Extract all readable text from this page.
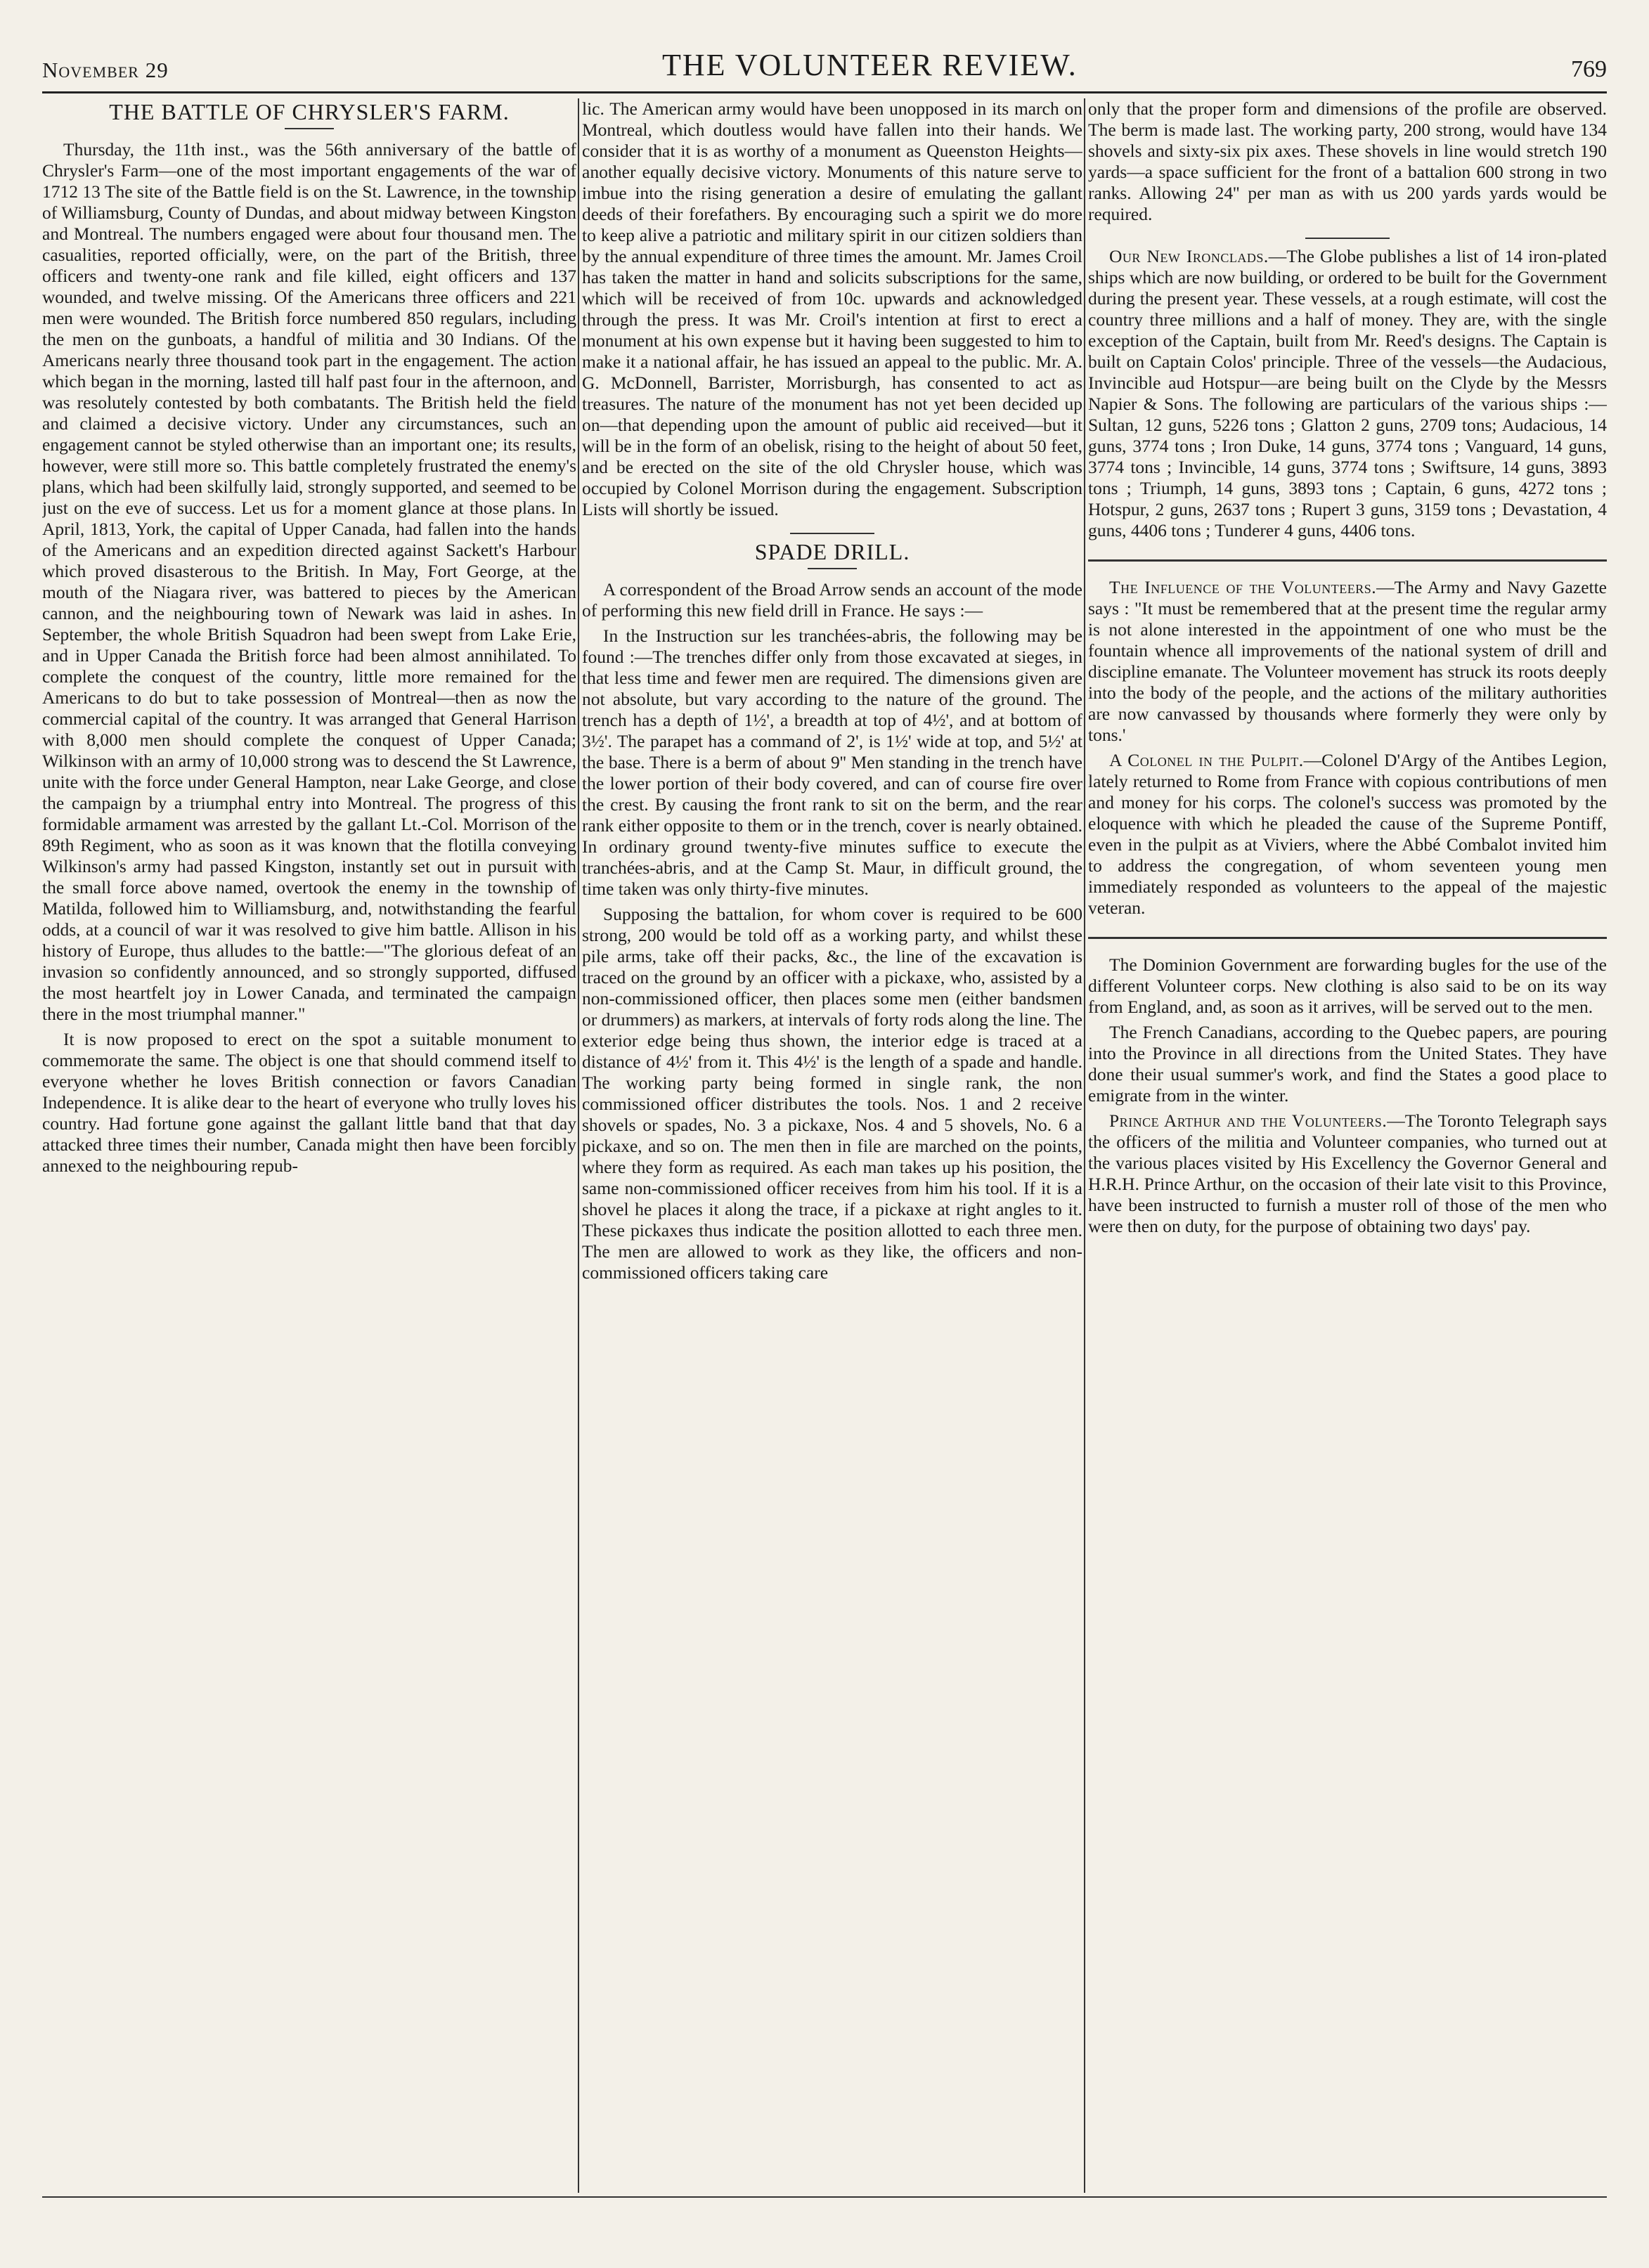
November 29	THE VOLUNTEER REVIEW.	769
THE BATTLE OF CHRYSLER'S FARM.

Thursday, the 11th inst., was the 56th anniversary of the battle of Chrysler's Farm—one of the most important engagements of the war of 1712 13 The site of the Battle field is on the St. Lawrence, in the township of Williamsburg, County of Dundas, and about midway between Kingston and Montreal. The numbers engaged were about four thousand men. The casualities, reported officially, were, on the part of the British, three officers and twenty-one rank and file killed, eight officers and 137 wounded, and twelve missing. Of the Americans three officers and 221 men were wounded. The British force numbered 850 regulars, including the men on the gunboats, a handful of militia and 30 Indians. Of the Americans nearly three thousand took part in the engagement. The action which began in the morning, lasted till half past four in the afternoon, and was resolutely contested by both combatants. The British held the field and claimed a decisive victory. Under any circumstances, such an engagement cannot be styled otherwise than an important one; its results, however, were still more so. This battle completely frustrated the enemy's plans, which had been skilfully laid, strongly supported, and seemed to be just on the eve of success. Let us for a moment glance at those plans. In April, 1813, York, the capital of Upper Canada, had fallen into the hands of the Americans and an expedition directed against Sackett's Harbour which proved disasterous to the British. In May, Fort George, at the mouth of the Niagara river, was battered to pieces by the American cannon, and the neighbouring town of Newark was laid in ashes. In September, the whole British Squadron had been swept from Lake Erie, and in Upper Canada the British force had been almost annihilated. To complete the conquest of the country, little more remained for the Americans to do but to take possession of Montreal—then as now the commercial capital of the country. It was arranged that General Harrison with 8,000 men should complete the conquest of Upper Canada; Wilkinson with an army of 10,000 strong was to descend the St Lawrence, unite with the force under General Hampton, near Lake George, and close the campaign by a triumphal entry into Montreal. The progress of this formidable armament was arrested by the gallant Lt.-Col. Morrison of the 89th Regiment, who as soon as it was known that the flotilla conveying Wilkinson's army had passed Kingston, instantly set out in pursuit with the small force above named, overtook the enemy in the township of Matilda, followed him to Williamsburg, and, notwithstanding the fearful odds, at a council of war it was resolved to give him battle. Allison in his history of Europe, thus alludes to the battle:—"The glorious defeat of an invasion so confidently announced, and so strongly supported, diffused the most heartfelt joy in Lower Canada, and terminated the campaign there in the most triumphal manner."

It is now proposed to erect on the spot a suitable monument to commemorate the same. The object is one that should commend itself to everyone whether he loves British connection or favors Canadian Independence. It is alike dear to the heart of everyone who trully loves his country. Had fortune gone against the gallant little band that that day attacked three times their number, Canada might then have been forcibly annexed to the neighbouring repub-

lic. The American army would have been unopposed in its march on Montreal, which doutless would have fallen into their hands. We consider that it is as worthy of a monument as Queenston Heights—another equally decisive victory. Monuments of this nature serve to imbue into the rising generation a desire of emulating the gallant deeds of their forefathers. By encouraging such a spirit we do more to keep alive a patriotic and military spirit in our citizen soldiers than by the annual expenditure of three times the amount. Mr. James Croil has taken the matter in hand and solicits subscriptions for the same, which will be received of from 10c. upwards and acknowledged through the press. It was Mr. Croil's intention at first to erect a monument at his own expense but it having been suggested to him to make it a national affair, he has issued an appeal to the public. Mr. A. G. McDonnell, Barrister, Morrisburgh, has consented to act as treasures. The nature of the monument has not yet been decided up on—that depending upon the amount of public aid received—but it will be in the form of an obelisk, rising to the height of about 50 feet, and be erected on the site of the old Chrysler house, which was occupied by Colonel Morrison during the engagement. Subscription Lists will shortly be issued.

SPADE DRILL.

A correspondent of the Broad Arrow sends an account of the mode of performing this new field drill in France. He says :—

In the Instruction sur les tranchées-abris, the following may be found :—The trenches differ only from those excavated at sieges, in that less time and fewer men are required. The dimensions given are not absolute, but vary according to the nature of the ground. The trench has a depth of 1½', a breadth at top of 4½', and at bottom of 3½'. The parapet has a command of 2', is 1½' wide at top, and 5½' at the base. There is a berm of about 9'' Men standing in the trench have the lower portion of their body covered, and can of course fire over the crest. By causing the front rank to sit on the berm, and the rear rank either opposite to them or in the trench, cover is nearly obtained. In ordinary ground twenty-five minutes suffice to execute the tranchées-abris, and at the Camp St. Maur, in difficult ground, the time taken was only thirty-five minutes.

Supposing the battalion, for whom cover is required to be 600 strong, 200 would be told off as a working party, and whilst these pile arms, take off their packs, &c., the line of the excavation is traced on the ground by an officer with a pickaxe, who, assisted by a non-commissioned officer, then places some men (either bandsmen or drummers) as markers, at intervals of forty rods along the line. The exterior edge being thus shown, the interior edge is traced at a distance of 4½' from it. This 4½' is the length of a spade and handle. The working party being formed in single rank, the non commissioned officer distributes the tools. Nos. 1 and 2 receive shovels or spades, No. 3 a pickaxe, Nos. 4 and 5 shovels, No. 6 a pickaxe, and so on. The men then in file are marched on the points, where they form as required. As each man takes up his position, the same non-commissioned officer receives from him his tool. If it is a shovel he places it along the trace, if a pickaxe at right angles to it. These pickaxes thus indicate the position allotted to each three men. The men are allowed to work as they like, the officers and non-commissioned officers taking care

only that the proper form and dimensions of the profile are observed. The berm is made last. The working party, 200 strong, would have 134 shovels and sixty-six pix axes. These shovels in line would stretch 190 yards—a space sufficient for the front of a battalion 600 strong in two ranks. Allowing 24'' per man as with us 200 yards yards would be required.

Our New Ironclads.—The Globe publishes a list of 14 iron-plated ships which are now building, or ordered to be built for the Government during the present year. These vessels, at a rough estimate, will cost the country three millions and a half of money. They are, with the single exception of the Captain, built from Mr. Reed's designs. The Captain is built on Captain Colos' principle. Three of the vessels—the Audacious, Invincible aud Hotspur—are being built on the Clyde by the Messrs Napier & Sons. The following are particulars of the various ships :—Sultan, 12 guns, 5226 tons ; Glatton 2 guns, 2709 tons; Audacious, 14 guns, 3774 tons ; Iron Duke, 14 guns, 3774 tons ; Vanguard, 14 guns, 3774 tons ; Invincible, 14 guns, 3774 tons ; Swiftsure, 14 guns, 3893 tons ; Triumph, 14 guns, 3893 tons ; Captain, 6 guns, 4272 tons ; Hotspur, 2 guns, 2637 tons ; Rupert 3 guns, 3159 tons ; Devastation, 4 guns, 4406 tons ; Tunderer 4 guns, 4406 tons.

The Influence of the Volunteers.—The Army and Navy Gazette says : "It must be remembered that at the present time the regular army is not alone interested in the appointment of one who must be the fountain whence all improvements of the national system of drill and discipline emanate. The Volunteer movement has struck its roots deeply into the body of the people, and the actions of the military authorities are now canvassed by thousands where formerly they were only by tons.'

A Colonel in the Pulpit.—Colonel D'Argy of the Antibes Legion, lately returned to Rome from France with copious contributions of men and money for his corps. The colonel's success was promoted by the eloquence with which he pleaded the cause of the Supreme Pontiff, even in the pulpit as at Viviers, where the Abbé Combalot invited him to address the congregation, of whom seventeen young men immediately responded as volunteers to the appeal of the majestic veteran.

The Dominion Government are forwarding bugles for the use of the different Volunteer corps. New clothing is also said to be on its way from England, and, as soon as it arrives, will be served out to the men.

The French Canadians, according to the Quebec papers, are pouring into the Province in all directions from the United States. They have done their usual summer's work, and find the States a good place to emigrate from in the winter.

Prince Arthur and the Volunteers.—The Toronto Telegraph says the officers of the militia and Volunteer companies, who turned out at the various places visited by His Excellency the Governor General and H.R.H. Prince Arthur, on the occasion of their late visit to this Province, have been instructed to furnish a muster roll of those of the men who were then on duty, for the purpose of obtaining two days' pay.
